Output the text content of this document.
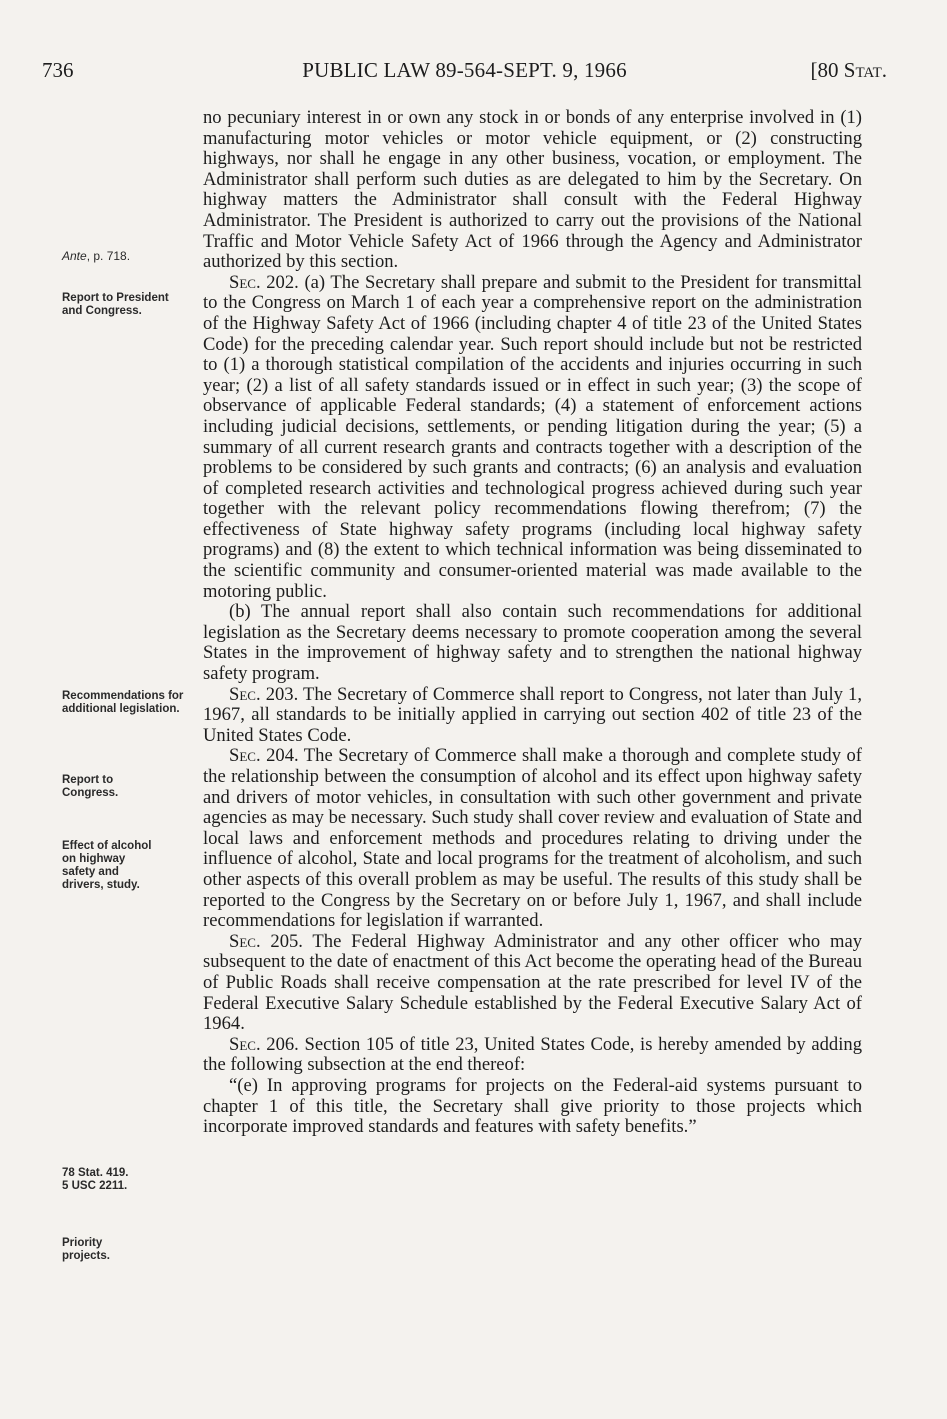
736	PUBLIC LAW 89-564-SEPT. 9, 1966	[80 Stat.
Ante, p. 718.
Report to President and Congress.
Recommendations for additional legislation.
Report to Congress.
Effect of alcohol on highway safety and drivers, study.
78 Stat. 419.
5 USC 2211.
Priority projects.

no pecuniary interest in or own any stock in or bonds of any enterprise involved in (1) manufacturing motor vehicles or motor vehicle equipment, or (2) constructing highways, nor shall he engage in any other business, vocation, or employment. The Administrator shall perform such duties as are delegated to him by the Secretary. On highway matters the Administrator shall consult with the Federal Highway Administrator. The President is authorized to carry out the provisions of the National Traffic and Motor Vehicle Safety Act of 1966 through the Agency and Administrator authorized by this section.

Sec. 202. (a) The Secretary shall prepare and submit to the President for transmittal to the Congress on March 1 of each year a comprehensive report on the administration of the Highway Safety Act of 1966 (including chapter 4 of title 23 of the United States Code) for the preceding calendar year. Such report should include but not be restricted to (1) a thorough statistical compilation of the accidents and injuries occurring in such year; (2) a list of all safety standards issued or in effect in such year; (3) the scope of observance of applicable Federal standards; (4) a statement of enforcement actions including judicial decisions, settlements, or pending litigation during the year; (5) a summary of all current research grants and contracts together with a description of the problems to be considered by such grants and contracts; (6) an analysis and evaluation of completed research activities and technological progress achieved during such year together with the relevant policy recommendations flowing therefrom; (7) the effectiveness of State highway safety programs (including local highway safety programs) and (8) the extent to which technical information was being disseminated to the scientific community and consumer-oriented material was made available to the motoring public.

(b) The annual report shall also contain such recommendations for additional legislation as the Secretary deems necessary to promote cooperation among the several States in the improvement of highway safety and to strengthen the national highway safety program.

Sec. 203. The Secretary of Commerce shall report to Congress, not later than July 1, 1967, all standards to be initially applied in carrying out section 402 of title 23 of the United States Code.

Sec. 204. The Secretary of Commerce shall make a thorough and complete study of the relationship between the consumption of alcohol and its effect upon highway safety and drivers of motor vehicles, in consultation with such other government and private agencies as may be necessary. Such study shall cover review and evaluation of State and local laws and enforcement methods and procedures relating to driving under the influence of alcohol, State and local programs for the treatment of alcoholism, and such other aspects of this overall problem as may be useful. The results of this study shall be reported to the Congress by the Secretary on or before July 1, 1967, and shall include recommendations for legislation if warranted.

Sec. 205. The Federal Highway Administrator and any other officer who may subsequent to the date of enactment of this Act become the operating head of the Bureau of Public Roads shall receive compensation at the rate prescribed for level IV of the Federal Executive Salary Schedule established by the Federal Executive Salary Act of 1964.

Sec. 206. Section 105 of title 23, United States Code, is hereby amended by adding the following subsection at the end thereof:

“(e) In approving programs for projects on the Federal-aid systems pursuant to chapter 1 of this title, the Secretary shall give priority to those projects which incorporate improved standards and features with safety benefits.”
